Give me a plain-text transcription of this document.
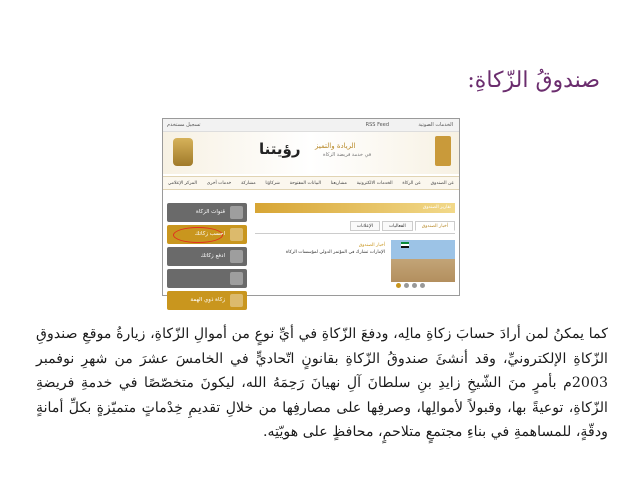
صندوقُ الزّكاةِ:
تسجيل مستخدم	RSS Feed	الخدمات الصوتية
رؤيتنا الريادة والتميز
في خدمة فريضة الزكاة
عن الصندوق
عن الزكاة
الخدمات الالكترونية
مشاريعنا
البيانات المفتوحة
شركاؤنا
مشاركة
خدمات أخرى
المركز الإعلامي
قنوات الزكاة
احسب زكاتك
ادفع زكاتك
زكاة ذوي الهمة
تقارير الصندوق
أخبار الصندوق
الفعاليات
الإعلانات
أخبار الصندوق
الإمارات تشارك في المؤتمر الدولي لمؤسسات الزكاة

كما يمكنُ لمن أرادَ حسابَ زكاةِ مالِه، ودفعَ الزّكاةِ في أيِّ نوعٍ من أموالِ الزّكاةِ، زيارةُ موقعِ صندوقِ الزّكاةِ الإلكترونيِّ، وقد أنشئَ صندوقُ الزّكاةِ بقانونٍ اتّحاديٍّ في الخامسَ عشرَ من شهرِ نوفمبر 2003م بأمرٍ منَ الشّيخِ زايدِ بنِ سلطانَ آلِ نهيانَ رَحِمَهُ الله، ليكونَ متخصّصًا في خدمةِ فريضةِ الزّكاةِ، توعيةً بها، وقبولاً لأموالِها، وصرفِها على مصارفِها من خلالِ تقديمِ خِدْماتٍ متميّزةٍ بكلِّ أمانةٍ ودقّةٍ، للمساهمةِ في بناءِ مجتمعٍ متلاحمٍ، محافظٍ على هويّتِه.
